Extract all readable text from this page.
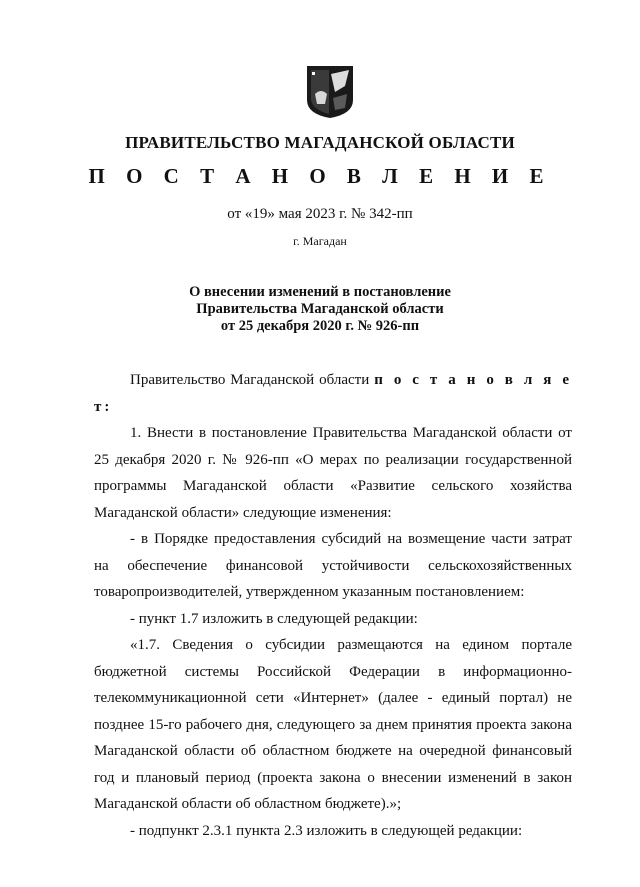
ПРАВИТЕЛЬСТВО МАГАДАНСКОЙ ОБЛАСТИ
П О С Т А Н О В Л Е Н И Е
от «19» мая 2023 г. № 342-пп
г. Магадан
О внесении изменений в постановление
Правительства Магаданской области
от 25 декабря 2020 г. № 926-пп

Правительство Магаданской области п о с т а н о в л я е т:

1. Внести в постановление Правительства Магаданской области от 25 декабря 2020 г. № 926-пп «О мерах по реализации государственной программы Магаданской области «Развитие сельского хозяйства Магаданской области» следующие изменения:

- в Порядке предоставления субсидий на возмещение части затрат на обеспечение финансовой устойчивости сельскохозяйственных товаропроизводителей, утвержденном указанным постановлением:

- пункт 1.7 изложить в следующей редакции:

«1.7. Сведения о субсидии размещаются на едином портале бюджетной системы Российской Федерации в информационно-телекоммуникационной сети «Интернет» (далее - единый портал) не позднее 15-го рабочего дня, следующего за днем принятия проекта закона Магаданской области об областном бюджете на очередной финансовый год и плановый период (проекта закона о внесении изменений в закон Магаданской области об областном бюджете).»;

- подпункт 2.3.1 пункта 2.3 изложить в следующей редакции:
